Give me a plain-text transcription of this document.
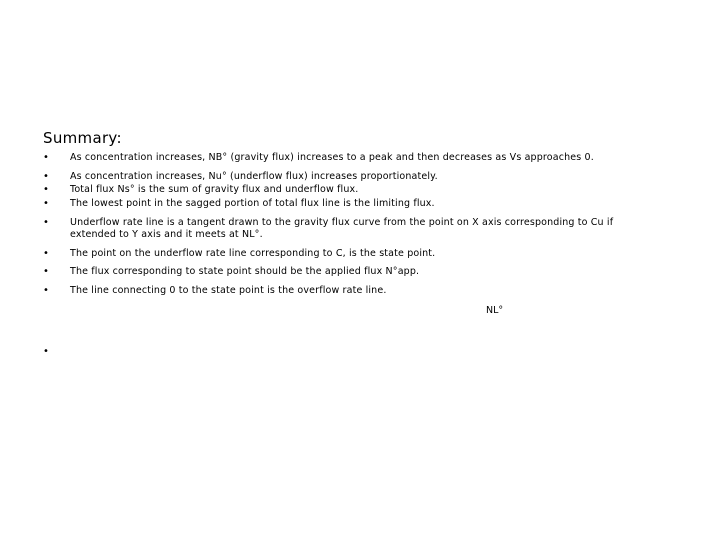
Summary:
• As concentration increases, NB° (gravity flux) increases to a peak and then decreases as Vs approaches 0.
• As concentration increases, Nu° (underflow flux) increases proportionately.
• Total flux Ns° is the sum of gravity flux and underflow flux.
• The lowest point in the sagged portion of total flux line is the limiting flux.
• Underflow rate line is a tangent drawn to the gravity flux curve from the point on X axis corresponding to Cu if extended to Y axis and it meets at NL°.
• The point on the underflow rate line corresponding to C, is the state point.
• The flux corresponding to state point should be the applied flux N°app.
• The line connecting 0 to the state point is the overflow rate line.
NL°
•
